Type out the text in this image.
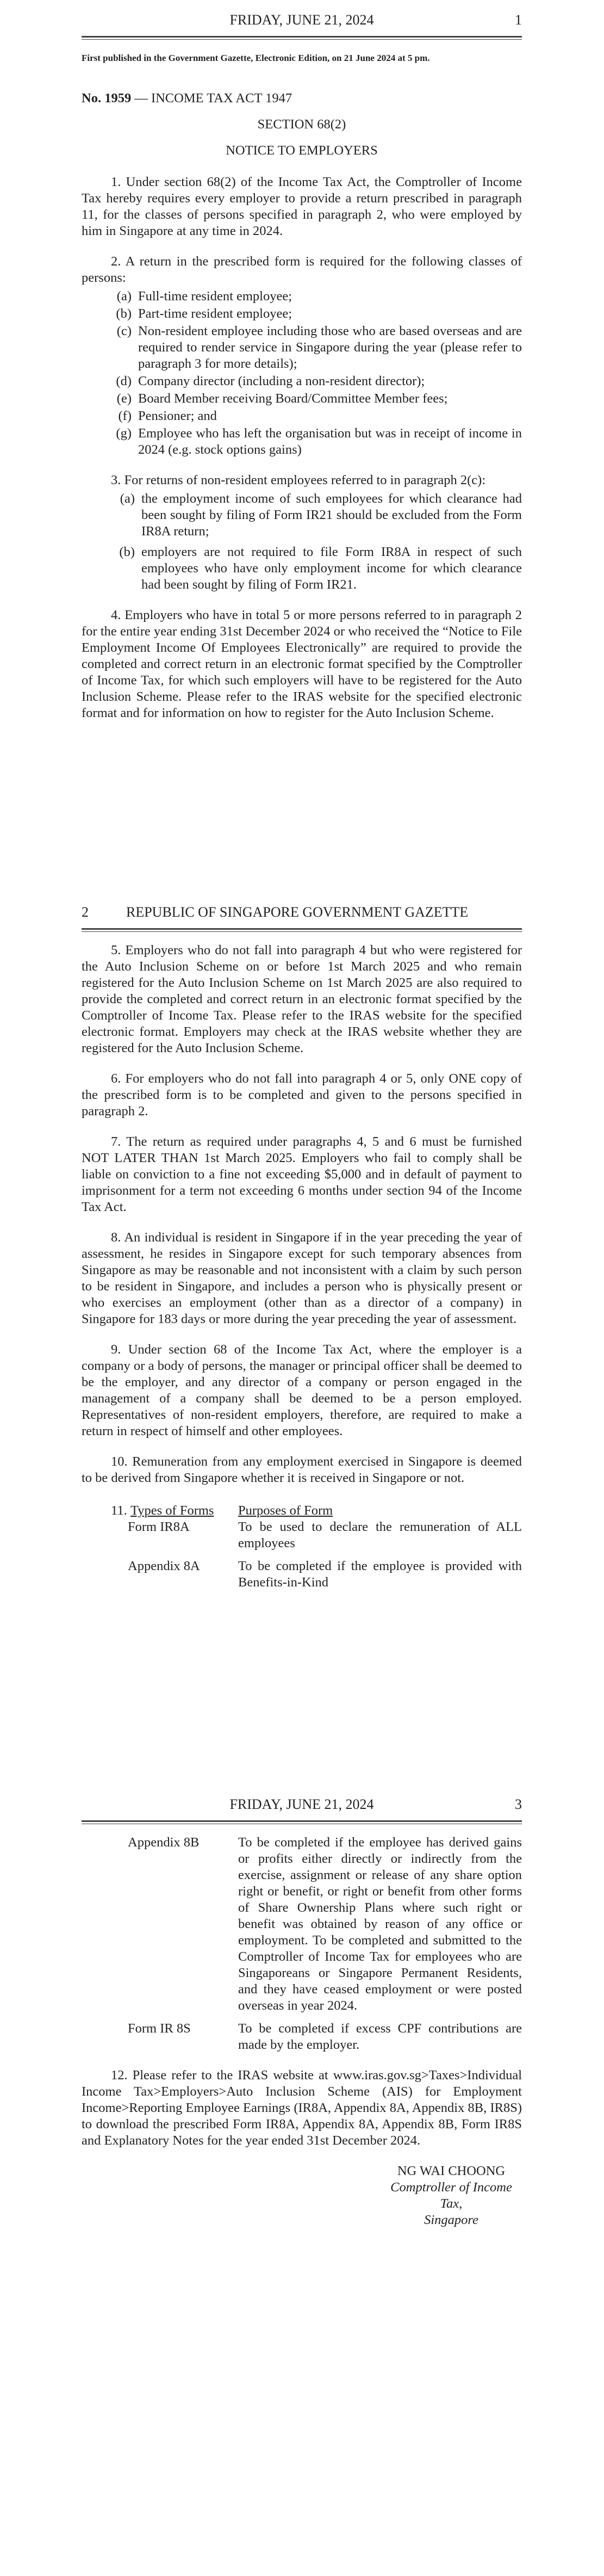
FRIDAY, JUNE 21, 2024	1

First published in the Government Gazette, Electronic Edition, on 21 June 2024 at 5 pm.

No. 1959 — INCOME TAX ACT 1947

SECTION 68(2)

NOTICE TO EMPLOYERS

1. Under section 68(2) of the Income Tax Act, the Comptroller of Income Tax hereby requires every employer to provide a return prescribed in paragraph 11, for the classes of persons specified in paragraph 2, who were employed by him in Singapore at any time in 2024.

2. A return in the prescribed form is required for the following classes of persons:

(a) Full-time resident employee;
(b) Part-time resident employee;
(c) Non-resident employee including those who are based overseas and are required to render service in Singapore during the year (please refer to paragraph 3 for more details);
(d) Company director (including a non-resident director);
(e) Board Member receiving Board/Committee Member fees;
(f) Pensioner; and
(g) Employee who has left the organisation but was in receipt of income in 2024 (e.g. stock options gains)

3. For returns of non-resident employees referred to in paragraph 2(c):

(a) the employment income of such employees for which clearance had been sought by filing of Form IR21 should be excluded from the Form IR8A return;
(b) employers are not required to file Form IR8A in respect of such employees who have only employment income for which clearance had been sought by filing of Form IR21.

4. Employers who have in total 5 or more persons referred to in paragraph 2 for the entire year ending 31st December 2024 or who received the “Notice to File Employment Income Of Employees Electronically” are required to provide the completed and correct return in an electronic format specified by the Comptroller of Income Tax, for which such employers will have to be registered for the Auto Inclusion Scheme. Please refer to the IRAS website for the specified electronic format and for information on how to register for the Auto Inclusion Scheme.

2	REPUBLIC OF SINGAPORE GOVERNMENT GAZETTE

5. Employers who do not fall into paragraph 4 but who were registered for the Auto Inclusion Scheme on or before 1st March 2025 and who remain registered for the Auto Inclusion Scheme on 1st March 2025 are also required to provide the completed and correct return in an electronic format specified by the Comptroller of Income Tax. Please refer to the IRAS website for the specified electronic format. Employers may check at the IRAS website whether they are registered for the Auto Inclusion Scheme.

6. For employers who do not fall into paragraph 4 or 5, only ONE copy of the prescribed form is to be completed and given to the persons specified in paragraph 2.

7. The return as required under paragraphs 4, 5 and 6 must be furnished NOT LATER THAN 1st March 2025. Employers who fail to comply shall be liable on conviction to a fine not exceeding $5,000 and in default of payment to imprisonment for a term not exceeding 6 months under section 94 of the Income Tax Act.

8. An individual is resident in Singapore if in the year preceding the year of assessment, he resides in Singapore except for such temporary absences from Singapore as may be reasonable and not inconsistent with a claim by such person to be resident in Singapore, and includes a person who is physically present or who exercises an employment (other than as a director of a company) in Singapore for 183 days or more during the year preceding the year of assessment.

9. Under section 68 of the Income Tax Act, where the employer is a company or a body of persons, the manager or principal officer shall be deemed to be the employer, and any director of a company or person engaged in the management of a company shall be deemed to be a person employed. Representatives of non-resident employers, therefore, are required to make a return in respect of himself and other employees.

10. Remuneration from any employment exercised in Singapore is deemed to be derived from Singapore whether it is received in Singapore or not.

11. Types of Forms	Purposes of Form
Form IR8A	To be used to declare the remuneration of ALL employees
Appendix 8A	To be completed if the employee is provided with Benefits-in-Kind
FRIDAY, JUNE 21, 2024	3
Appendix 8B	To be completed if the employee has derived gains or profits either directly or indirectly from the exercise, assignment or release of any share option right or benefit, or right or benefit from other forms of Share Ownership Plans where such right or benefit was obtained by reason of any office or employment. To be completed and submitted to the Comptroller of Income Tax for employees who are Singaporeans or Singapore Permanent Residents, and they have ceased employment or were posted overseas in year 2024.
Form IR 8S	To be completed if excess CPF contributions are made by the employer.

12. Please refer to the IRAS website at www.iras.gov.sg>Taxes>Individual Income Tax>Employers>Auto Inclusion Scheme (AIS) for Employment Income>Reporting Employee Earnings (IR8A, Appendix 8A, Appendix 8B, IR8S) to download the prescribed Form IR8A, Appendix 8A, Appendix 8B, Form IR8S and Explanatory Notes for the year ended 31st December 2024.

NG WAI CHOONG
Comptroller of Income Tax,
Singapore
